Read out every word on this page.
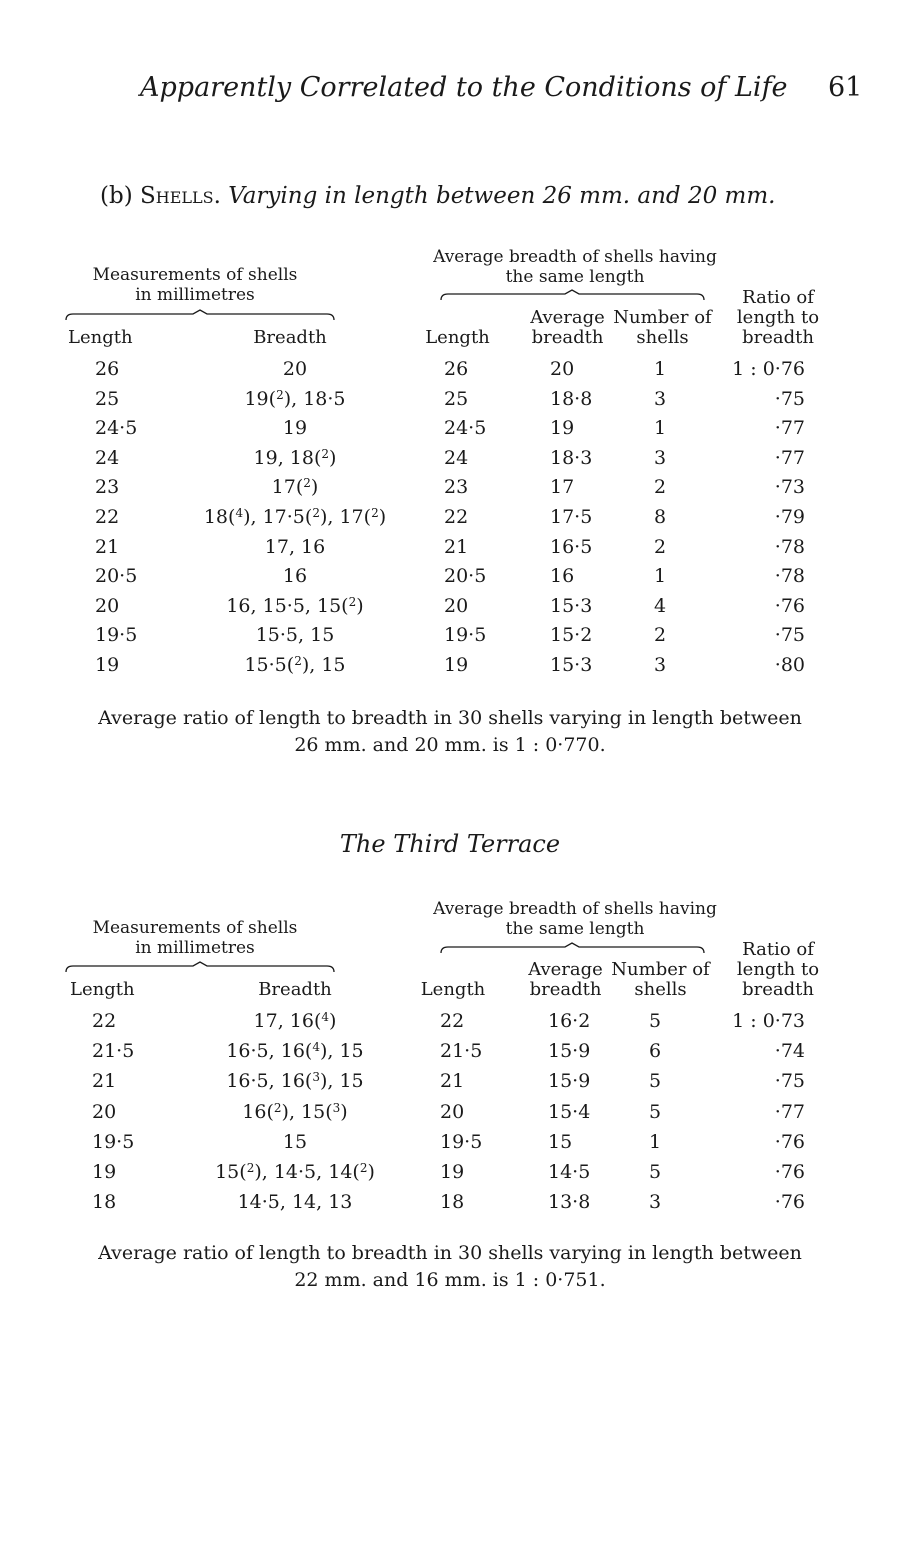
Apparently Correlated to the Conditions of Life 61
(b) Shells. Varying in length between 26 mm. and 20 mm.
Measurements of shells
in millimetres
Average breadth of shells having
the same length
Ratio of
length to
breadth
Length	Breadth	Length
Average
breadth
Number of
shells
26	20	26	20	1	1 : 0·76
25	19($^2$), 18·5	25	18·8	3	·75
24·5	19	24·5	19	1	·77
24	19, 18($^2$)	24	18·3	3	·77
23	17($^2$)	23	17	2	·73
22	18($^4$), 17·5($^2$), 17($^2$)	22	17·5	8	·79
21	17, 16	21	16·5	2	·78
20·5	16	20·5	16	1	·78
20	16, 15·5, 15($^2$)	20	15·3	4	·76
19·5	15·5, 15	19·5	15·2	2	·75
19	15·5($^2$), 15	19	15·3	3	·80
Average ratio of length to breadth in 30 shells varying in length between
26 mm. and 20 mm. is 1 : 0·770.
The Third Terrace
Measurements of shells
in millimetres
Average breadth of shells having
the same length
Ratio of
length to
breadth
Length	Breadth	Length
Average
breadth
Number of
shells
22	17, 16($^4$)	22	16·2	5	1 : 0·73
21·5	16·5, 16($^4$), 15	21·5	15·9	6	·74
21	16·5, 16($^3$), 15	21	15·9	5	·75
20	16($^2$), 15($^3$)	20	15·4	5	·77
19·5	15	19·5	15	1	·76
19	15($^2$), 14·5, 14($^2$)	19	14·5	5	·76
18	14·5, 14, 13	18	13·8	3	·76
Average ratio of length to breadth in 30 shells varying in length between
22 mm. and 16 mm. is 1 : 0·751.
